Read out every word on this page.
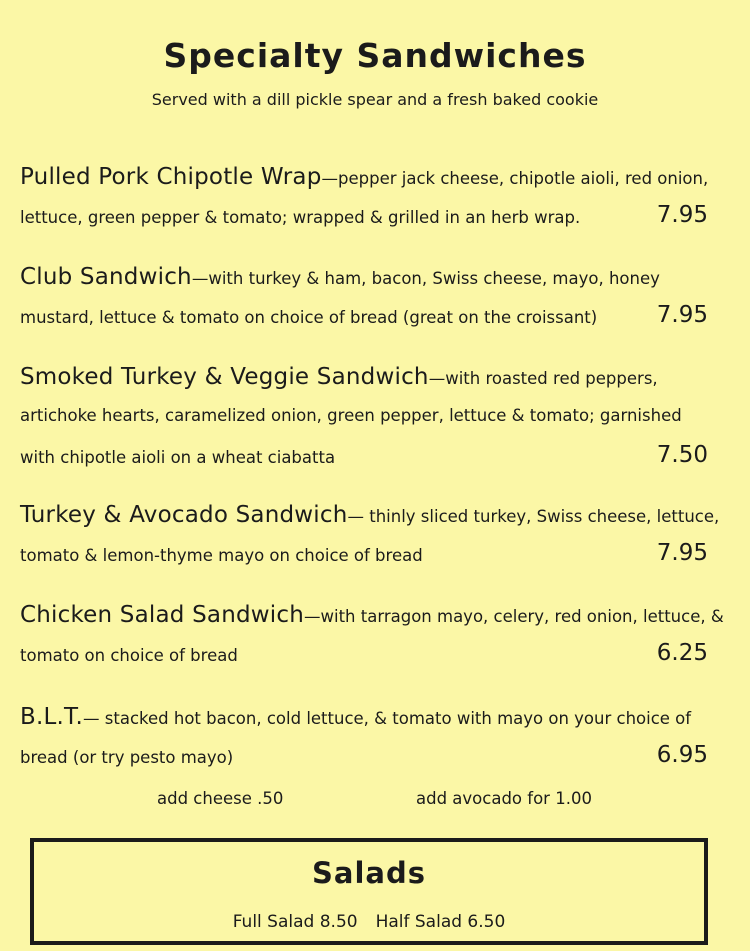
Specialty Sandwiches
Served with a dill pickle spear and a fresh baked cookie
Pulled Pork Chipotle Wrap—pepper jack cheese, chipotle aioli, red onion,
lettuce, green pepper & tomato; wrapped & grilled in an herb wrap.	7.95
Club Sandwich—with turkey & ham, bacon, Swiss cheese, mayo, honey
mustard, lettuce & tomato on choice of bread (great on the croissant)	7.95
Smoked Turkey & Veggie Sandwich—with roasted red peppers,
artichoke hearts, caramelized onion, green pepper, lettuce & tomato; garnished
with chipotle aioli on a wheat ciabatta	7.50
Turkey & Avocado Sandwich— thinly sliced turkey, Swiss cheese, lettuce,
tomato & lemon-thyme mayo on choice of bread	7.95
Chicken Salad Sandwich—with tarragon mayo, celery, red onion, lettuce, &
tomato on choice of bread	6.25
B.L.T.— stacked hot bacon, cold lettuce, & tomato with mayo on your choice of
bread (or try pesto mayo)	6.95
add cheese .50	add avocado for 1.00
Salads
Full Salad 8.50 Half Salad 6.50
